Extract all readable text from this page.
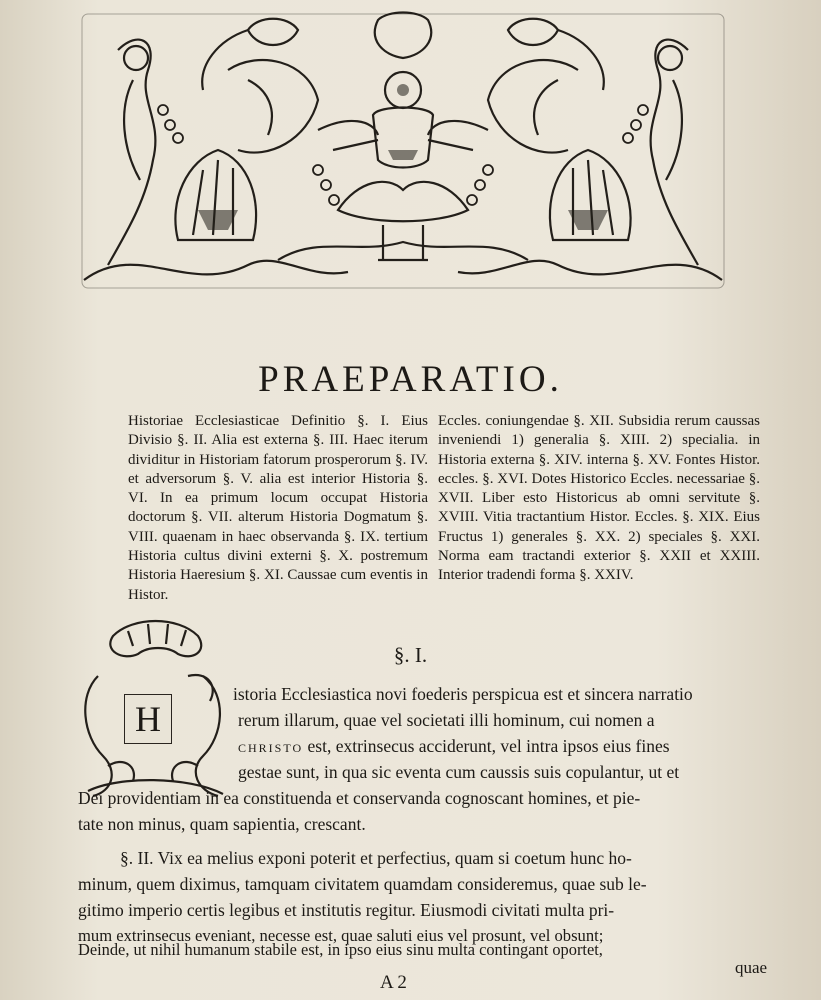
PRAEPARATIO.
Historiae Ecclesiasticae Definitio §. I. Eius Divisio §. II. Alia est externa §. III. Haec iterum dividitur in Historiam fatorum prosperorum §. IV. et adversorum §. V. alia est interior Historia §. VI. In ea primum locum occupat Historia doctorum §. VII. alterum Historia Dogmatum §. VIII. quaenam in haec observanda §. IX. tertium Historia cultus divini externi §. X. postremum Historia Haeresium §. XI. Caussae cum eventis in Histor.
Eccles. coniungendae §. XII. Subsidia rerum caussas inveniendi 1) generalia §. XIII. 2) specialia. in Historia externa §. XIV. interna §. XV. Fontes Histor. eccles. §. XVI. Dotes Historico Eccles. necessariae §. XVII. Liber esto Historicus ab omni servitute §. XVIII. Vitia tractantium Histor. Eccles. §. XIX. Eius Fructus 1) generales §. XX. 2) speciales §. XXI. Norma eam tractandi exterior §. XXII et XXIII. Interior tradendi forma §. XXIV.
§. I.
H
istoria Ecclesiastica novi foederis perspicua est et sincera narratio
rerum illarum, quae vel societati illi hominum, cui nomen a
CHRISTO est, extrinsecus acciderunt, vel intra ipsos eius fines
gestae sunt, in qua sic eventa cum caussis suis copulantur, ut et
Dei providentiam in ea constituenda et conservanda cognoscant homines, et pie-
tate non minus, quam sapientia, crescant.
§. II. Vix ea melius exponi poterit et perfectius, quam si coetum hunc ho-
minum, quem diximus, tamquam civitatem quamdam consideremus, quae sub le-
gitimo imperio certis legibus et institutis regitur. Eiusmodi civitati multa pri-
mum extrinsecus eveniant, necesse est, quae saluti eius vel prosunt, vel obsunt;
Deinde, ut nihil humanum stabile est, in ipso eius sinu multa contingant oportet,
quae
A 2
